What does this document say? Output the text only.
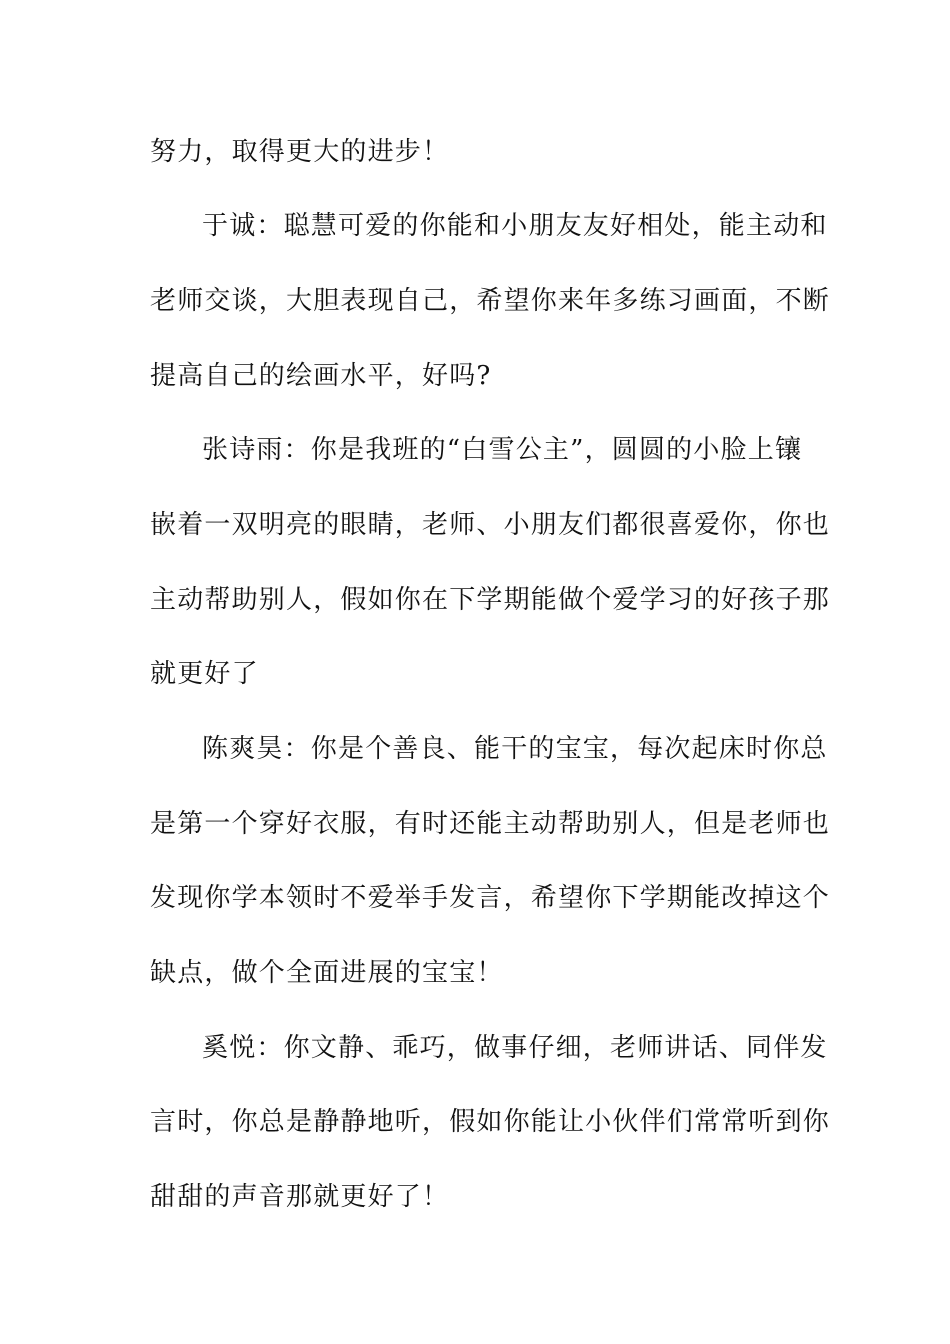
努力，取得更大的进步！
于诚：聪慧可爱的你能和小朋友友好相处，能主动和
老师交谈，大胆表现自己，希望你来年多练习画面，不断
提高自己的绘画水平，好吗?
张诗雨：你是我班的“白雪公主”，圆圆的小脸上镶
嵌着一双明亮的眼睛，老师、小朋友们都很喜爱你，你也
主动帮助别人，假如你在下学期能做个爱学习的好孩子那
就更好了
陈爽昊：你是个善良、能干的宝宝，每次起床时你总
是第一个穿好衣服，有时还能主动帮助别人，但是老师也
发现你学本领时不爱举手发言，希望你下学期能改掉这个
缺点，做个全面进展的宝宝！
奚悦：你文静、乖巧，做事仔细，老师讲话、同伴发
言时，你总是静静地听，假如你能让小伙伴们常常听到你
甜甜的声音那就更好了！
